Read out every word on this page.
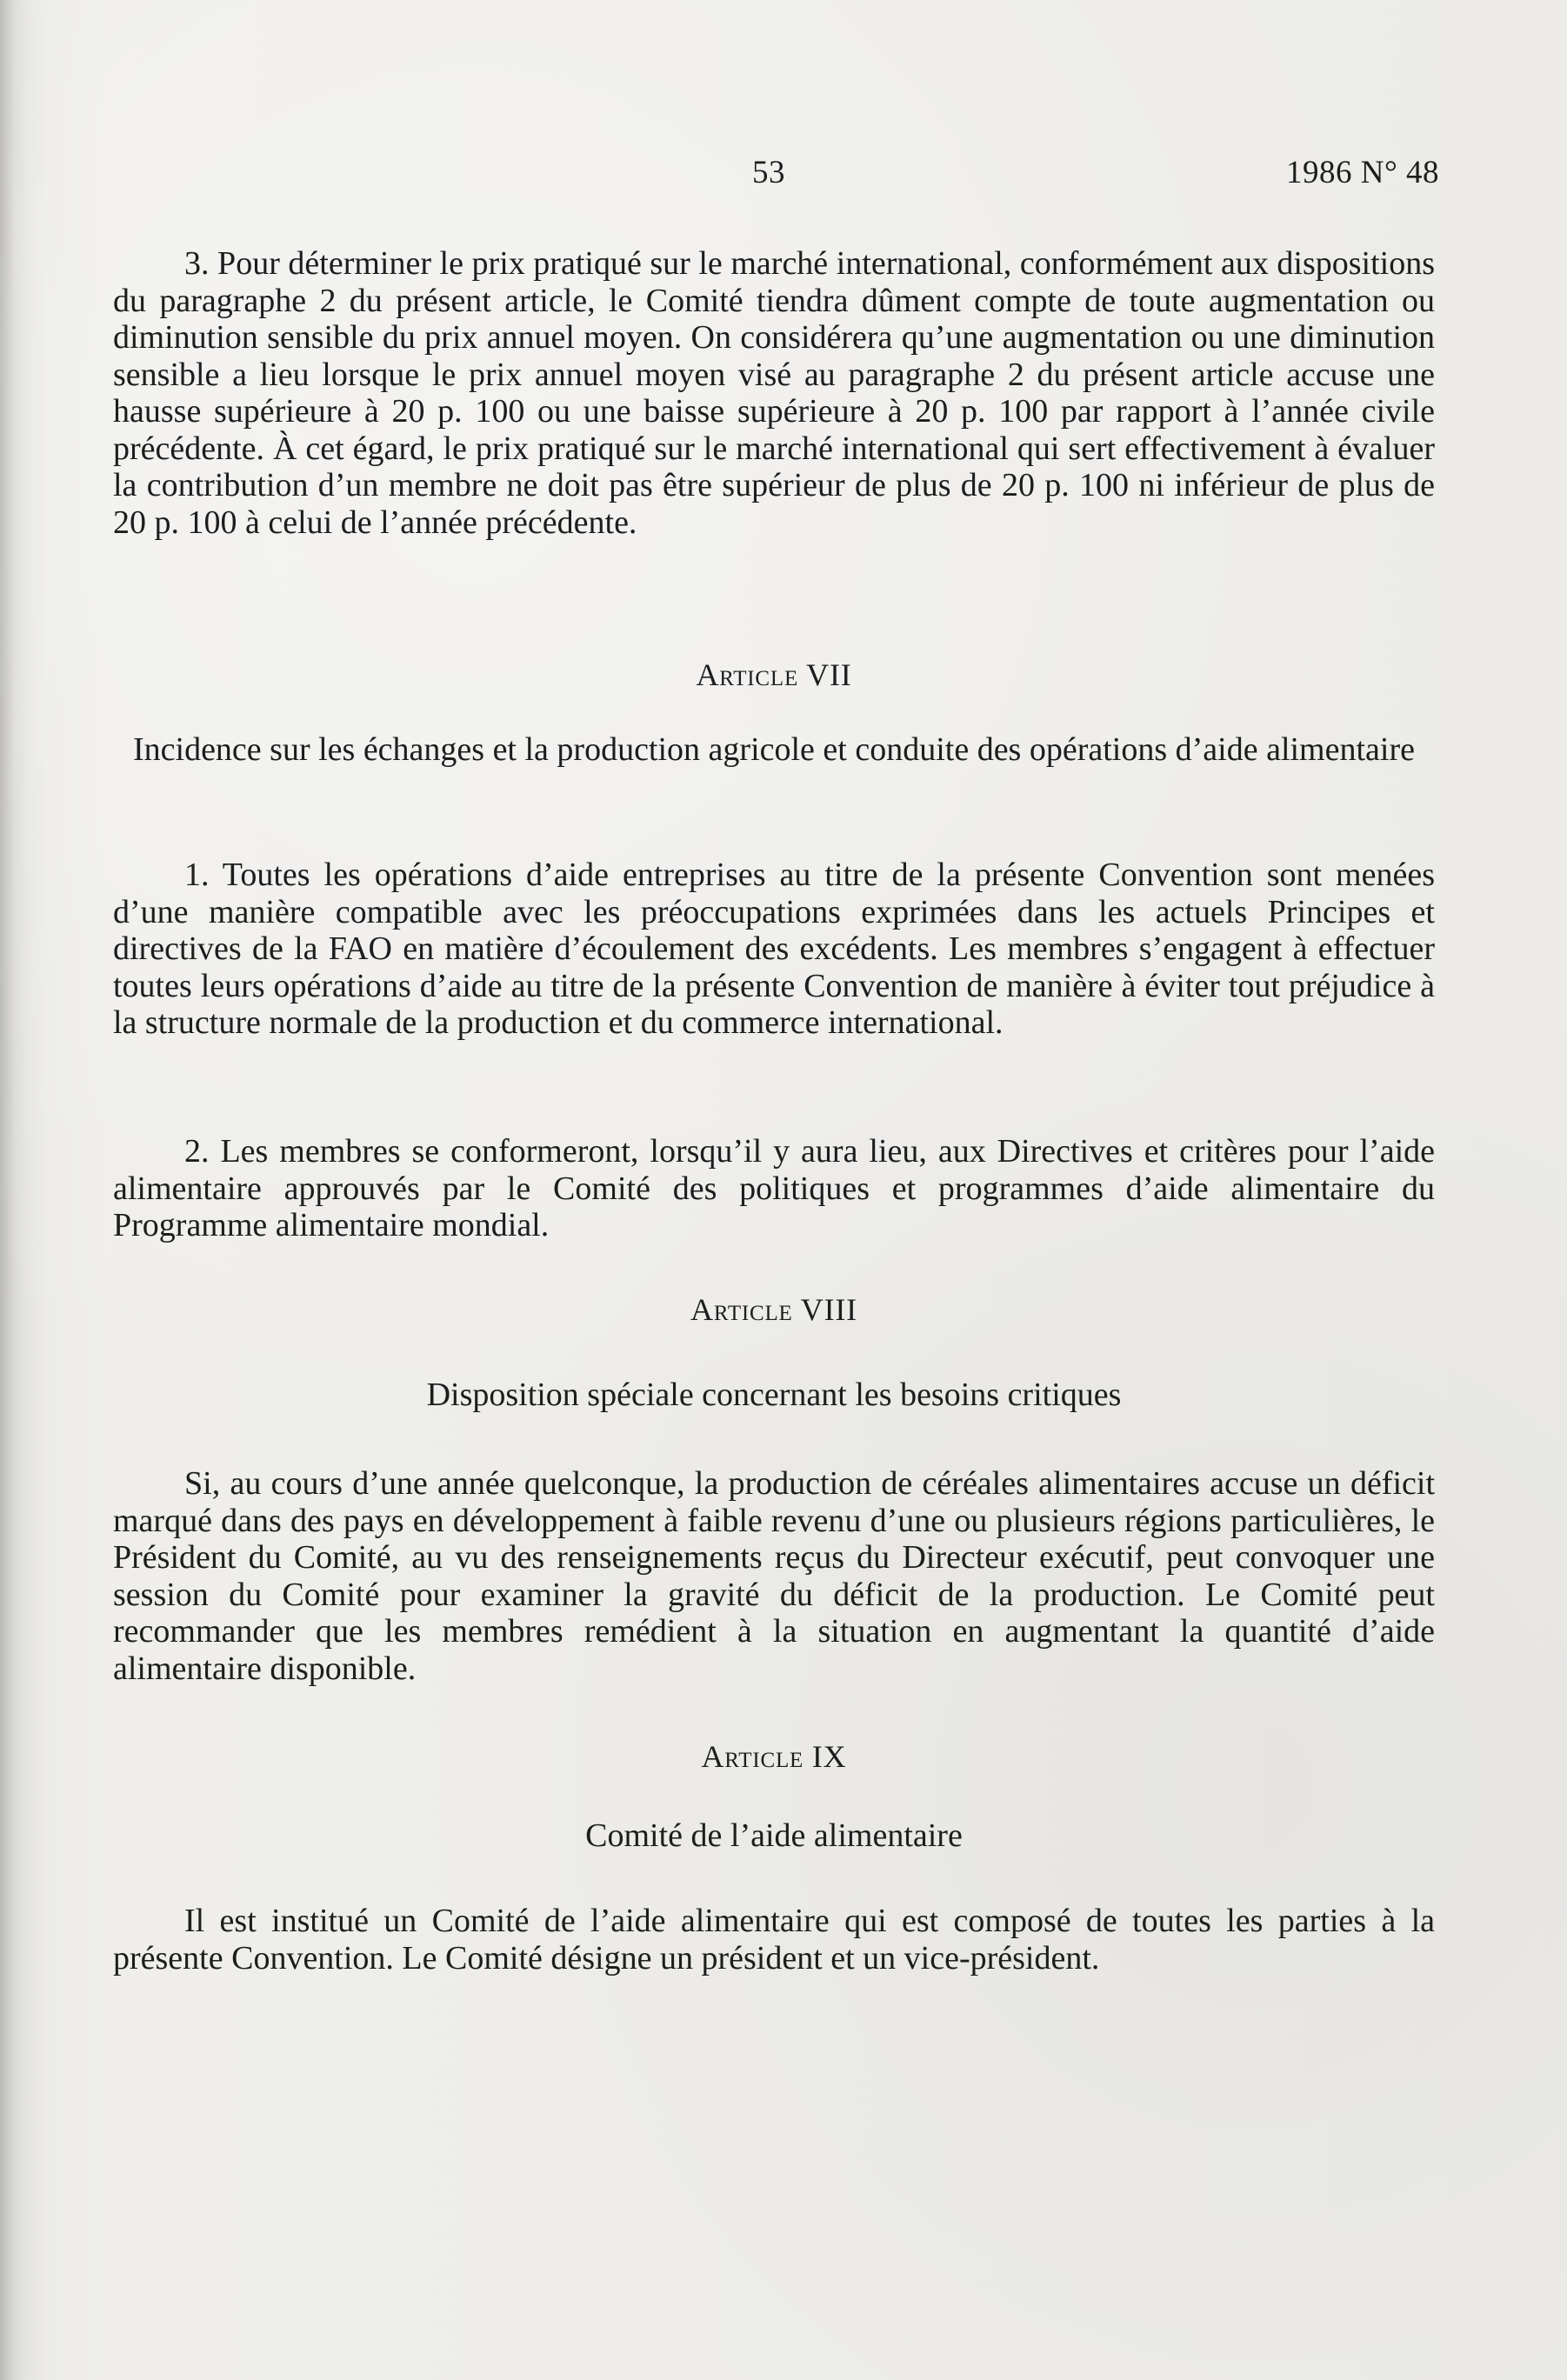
53	1986 N° 48

3. Pour déterminer le prix pratiqué sur le marché international, conformément aux dispositions du paragraphe 2 du présent article, le Comité tiendra dûment compte de toute augmentation ou diminution sensible du prix annuel moyen. On considérera qu’une augmentation ou une diminution sensible a lieu lorsque le prix annuel moyen visé au paragraphe 2 du présent article accuse une hausse supérieure à 20 p. 100 ou une baisse supérieure à 20 p. 100 par rapport à l’année civile précédente. À cet égard, le prix pratiqué sur le marché international qui sert effectivement à évaluer la contribution d’un membre ne doit pas être supérieur de plus de 20 p. 100 ni inférieur de plus de 20 p. 100 à celui de l’année précédente.

Article VII
Incidence sur les échanges et la production agricole et conduite des opérations d’aide alimentaire

1. Toutes les opérations d’aide entreprises au titre de la présente Convention sont menées d’une manière compatible avec les préoccupations exprimées dans les actuels Principes et directives de la FAO en matière d’écoulement des excédents. Les membres s’engagent à effectuer toutes leurs opérations d’aide au titre de la présente Convention de manière à éviter tout préjudice à la structure normale de la production et du commerce international.

2. Les membres se conformeront, lorsqu’il y aura lieu, aux Directives et critères pour l’aide alimentaire approuvés par le Comité des politiques et programmes d’aide alimentaire du Programme alimentaire mondial.

Article VIII
Disposition spéciale concernant les besoins critiques

Si, au cours d’une année quelconque, la production de céréales alimentaires accuse un déficit marqué dans des pays en développement à faible revenu d’une ou plusieurs régions particulières, le Président du Comité, au vu des renseignements reçus du Directeur exécutif, peut convoquer une session du Comité pour examiner la gravité du déficit de la production. Le Comité peut recommander que les membres remédient à la situation en augmentant la quantité d’aide alimentaire disponible.

Article IX
Comité de l’aide alimentaire

Il est institué un Comité de l’aide alimentaire qui est composé de toutes les parties à la présente Convention. Le Comité désigne un président et un vice-président.
